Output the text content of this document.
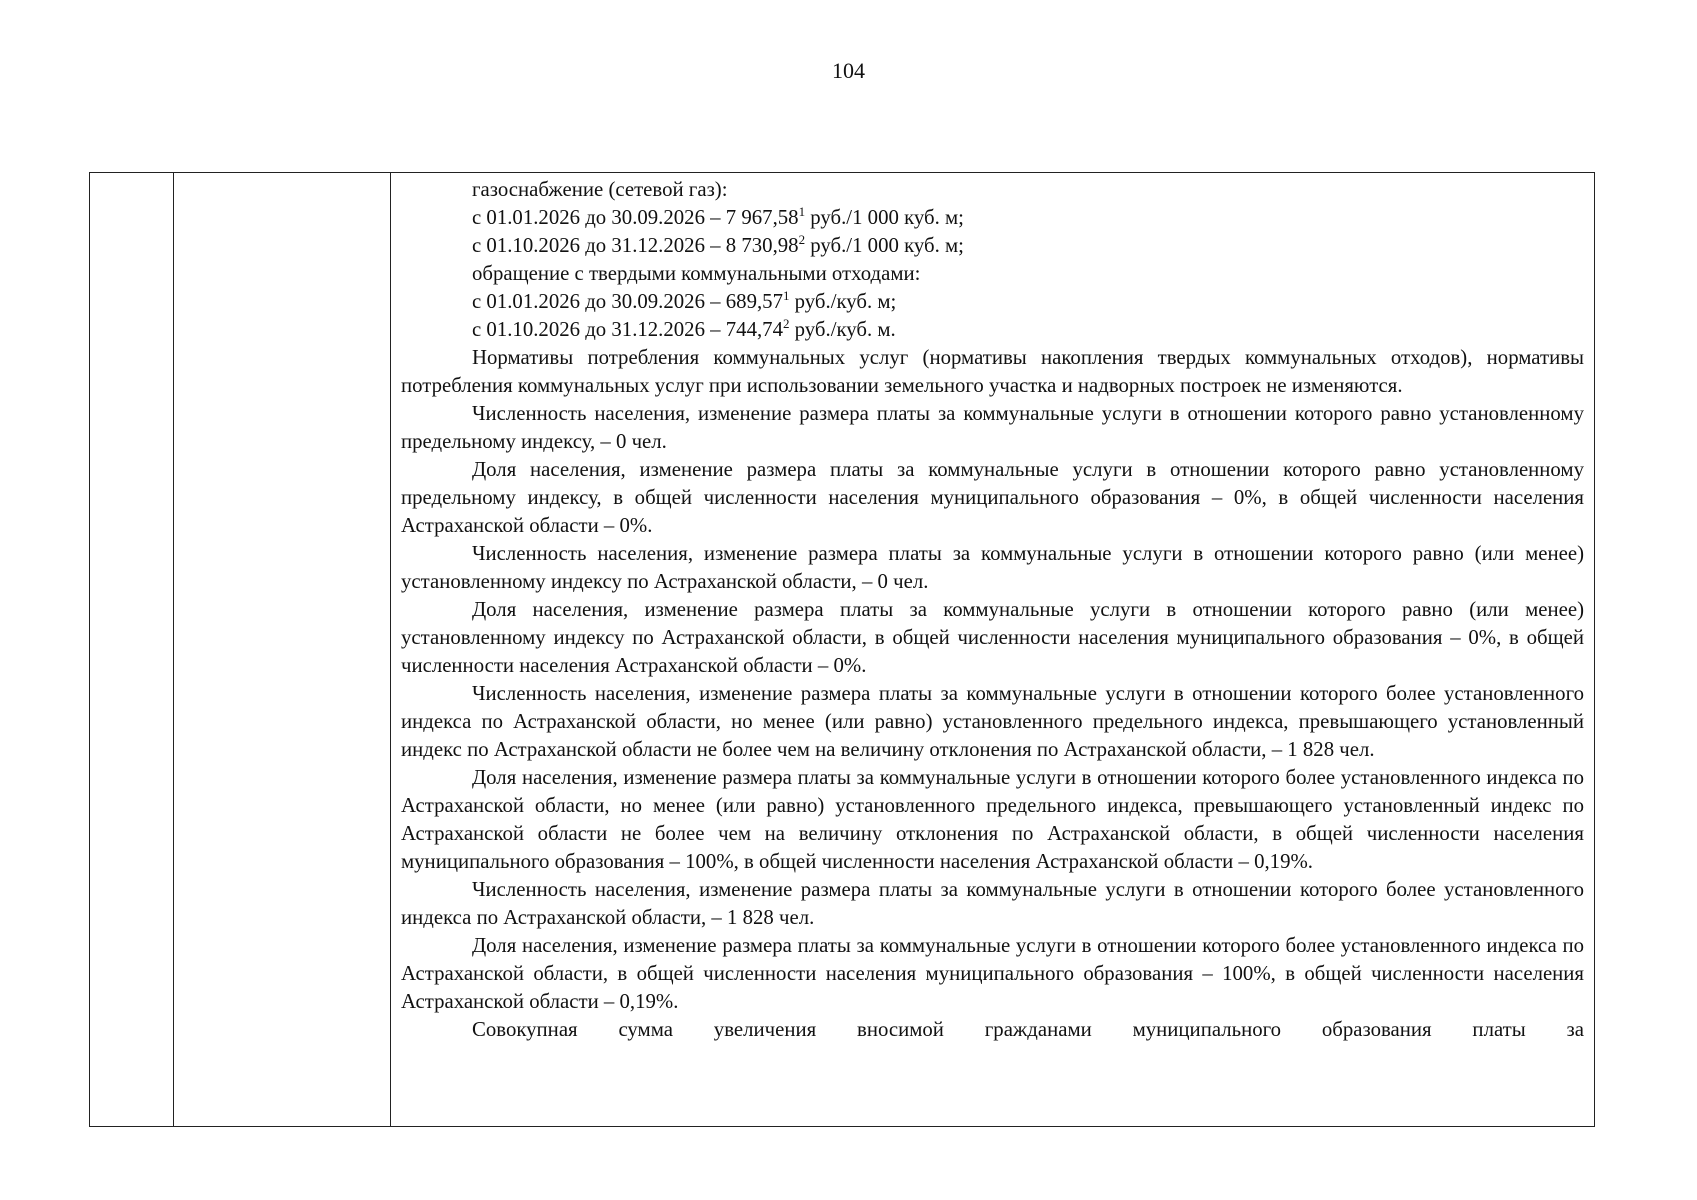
104

газоснабжение (сетевой газ):
с 01.01.2026 до 30.09.2026 – 7 967,58$^1$ руб./1 000 куб. м;
с 01.10.2026 до 31.12.2026 – 8 730,98$^2$ руб./1 000 куб. м;
обращение с твердыми коммунальными отходами:
с 01.01.2026 до 30.09.2026 – 689,57$^1$ руб./куб. м;
с 01.10.2026 до 31.12.2026 – 744,74$^2$ руб./куб. м.

Нормативы потребления коммунальных услуг (нормативы накопления твердых коммунальных отходов), нормативы потребления коммунальных услуг при использовании земельного участка и надворных построек не изменяются.

Численность населения, изменение размера платы за коммунальные услуги в отношении которого равно установленному предельному индексу, – 0 чел.

Доля населения, изменение размера платы за коммунальные услуги в отношении которого равно установленному предельному индексу, в общей численности населения муниципального образования – 0%, в общей численности населения Астраханской области – 0%.

Численность населения, изменение размера платы за коммунальные услуги в отношении которого равно (или менее) установленному индексу по Астраханской области, – 0 чел.

Доля населения, изменение размера платы за коммунальные услуги в отношении которого равно (или менее) установленному индексу по Астраханской области, в общей численности населения муниципального образования – 0%, в общей численности населения Астраханской области – 0%.

Численность населения, изменение размера платы за коммунальные услуги в отношении которого более установленного индекса по Астраханской области, но менее (или равно) установленного предельного индекса, превышающего установленный индекс по Астраханской области не более чем на величину отклонения по Астраханской области, – 1 828 чел.

Доля населения, изменение размера платы за коммунальные услуги в отношении которого более установленного индекса по Астраханской области, но менее (или равно) установленного предельного индекса, превышающего установленный индекс по Астраханской области не более чем на величину отклонения по Астраханской области, в общей численности населения муниципального образования – 100%, в общей численности населения Астраханской области – 0,19%.

Численность населения, изменение размера платы за коммунальные услуги в отношении которого более установленного индекса по Астраханской области, – 1 828 чел.

Доля населения, изменение размера платы за коммунальные услуги в отношении которого более установленного индекса по Астраханской области, в общей численности населения муниципального образования – 100%, в общей численности населения Астраханской области – 0,19%.

Совокупная сумма увеличения вносимой гражданами муниципального образования платы за
